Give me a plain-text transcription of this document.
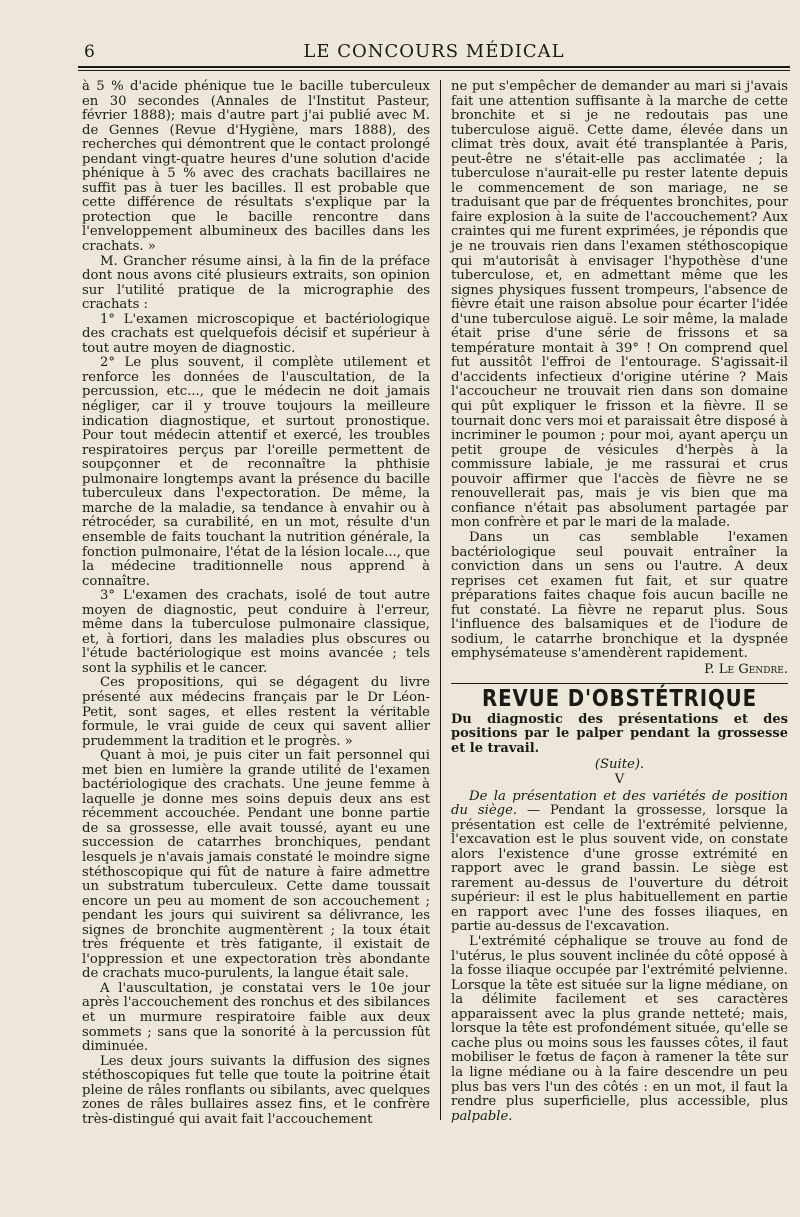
6	LE CONCOURS MÉDICAL

à 5 % d'acide phénique tue le bacille tuberculeux en 30 secondes (Annales de l'Institut Pasteur, février 1888); mais d'autre part j'ai publié avec M. de Gennes (Revue d'Hygiène, mars 1888), des recherches qui démontrent que le contact prolongé pendant vingt-quatre heures d'une solution d'acide phénique à 5 % avec des crachats bacillaires ne suffit pas à tuer les bacilles. Il est probable que cette différence de résultats s'explique par la protection que le bacille rencontre dans l'enveloppement albumineux des bacilles dans les crachats. »

M. Grancher résume ainsi, à la fin de la préface dont nous avons cité plusieurs extraits, son opinion sur l'utilité pratique de la micrographie des crachats :

1° L'examen microscopique et bactériologique des crachats est quelquefois décisif et supérieur à tout autre moyen de diagnostic.

2° Le plus souvent, il complète utilement et renforce les données de l'auscultation, de la percussion, etc..., que le médecin ne doit jamais négliger, car il y trouve toujours la meilleure indication diagnostique, et surtout pronostique. Pour tout médecin attentif et exercé, les troubles respiratoires perçus par l'oreille permettent de soupçonner et de reconnaître la phthisie pulmonaire longtemps avant la présence du bacille tuberculeux dans l'expectoration. De même, la marche de la maladie, sa tendance à envahir ou à rétrocéder, sa curabilité, en un mot, résulte d'un ensemble de faits touchant la nutrition générale, la fonction pulmonaire, l'état de la lésion locale..., que la médecine traditionnelle nous apprend à connaître.

3° L'examen des crachats, isolé de tout autre moyen de diagnostic, peut conduire à l'erreur, même dans la tuberculose pulmonaire classique, et, à fortiori, dans les maladies plus obscures ou l'étude bactériologique est moins avancée ; tels sont la syphilis et le cancer.

Ces propositions, qui se dégagent du livre présenté aux médecins français par le Dr Léon-Petit, sont sages, et elles restent la véritable formule, le vrai guide de ceux qui savent allier prudemment la tradition et le progrès. »

Quant à moi, je puis citer un fait personnel qui met bien en lumière la grande utilité de l'examen bactériologique des crachats. Une jeune femme à laquelle je donne mes soins depuis deux ans est récemment accouchée. Pendant une bonne partie de sa grossesse, elle avait toussé, ayant eu une succession de catarrhes bronchiques, pendant lesquels je n'avais jamais constaté le moindre signe stéthoscopique qui fût de nature à faire admettre un substratum tuberculeux. Cette dame toussait encore un peu au moment de son accouchement ; pendant les jours qui suivirent sa délivrance, les signes de bronchite augmentèrent ; la toux était très fréquente et très fatigante, il existait de l'oppression et une expectoration très abondante de crachats muco-purulents, la langue était sale.

A l'auscultation, je constatai vers le 10e jour après l'accouchement des ronchus et des sibilances et un murmure respiratoire faible aux deux sommets ; sans que la sonorité à la percussion fût diminuée.

Les deux jours suivants la diffusion des signes stéthoscopiques fut telle que toute la poitrine était pleine de râles ronflants ou sibilants, avec quelques zones de râles bullaires assez fins, et le confrère très-distingué qui avait fait l'accouchement

ne put s'empêcher de demander au mari si j'avais fait une attention suffisante à la marche de cette bronchite et si je ne redoutais pas une tuberculose aiguë. Cette dame, élevée dans un climat très doux, avait été transplantée à Paris, peut-être ne s'était-elle pas acclimatée ; la tuberculose n'aurait-elle pu rester latente depuis le commencement de son mariage, ne se traduisant que par de fréquentes bronchites, pour faire explosion à la suite de l'accouchement? Aux craintes qui me furent exprimées, je répondis que je ne trouvais rien dans l'examen stéthoscopique qui m'autorisât à envisager l'hypothèse d'une tuberculose, et, en admettant même que les signes physiques fussent trompeurs, l'absence de fièvre était une raison absolue pour écarter l'idée d'une tuberculose aiguë. Le soir même, la malade était prise d'une série de frissons et sa température montait à 39° ! On comprend quel fut aussitôt l'effroi de l'entourage. S'agissait-il d'accidents infectieux d'origine utérine ? Mais l'accoucheur ne trouvait rien dans son domaine qui pût expliquer le frisson et la fièvre. Il se tournait donc vers moi et paraissait être disposé à incriminer le poumon ; pour moi, ayant aperçu un petit groupe de vésicules d'herpès à la commissure labiale, je me rassurai et crus pouvoir affirmer que l'accès de fièvre ne se renouvellerait pas, mais je vis bien que ma confiance n'était pas absolument partagée par mon confrère et par le mari de la malade.

Dans un cas semblable l'examen bactériologique seul pouvait entraîner la conviction dans un sens ou l'autre. A deux reprises cet examen fut fait, et sur quatre préparations faites chaque fois aucun bacille ne fut constaté. La fièvre ne reparut plus. Sous l'influence des balsamiques et de l'iodure de sodium, le catarrhe bronchique et la dyspnée emphysémateuse s'amendèrent rapidement.

P. Le Gendre.
REVUE D'OBSTÉTRIQUE
Du diagnostic des présentations et des positions par le palper pendant la grossesse et le travail.
(Suite).
V

De la présentation et des variétés de position du siège. — Pendant la grossesse, lorsque la présentation est celle de l'extrémité pelvienne, l'excavation est le plus souvent vide, on constate alors l'existence d'une grosse extrémité en rapport avec le grand bassin. Le siège est rarement au-dessus de l'ouverture du détroit supérieur: il est le plus habituellement en partie en rapport avec l'une des fosses iliaques, en partie au-dessus de l'excavation.

L'extrémité céphalique se trouve au fond de l'utérus, le plus souvent inclinée du côté opposé à la fosse iliaque occupée par l'extrémité pelvienne. Lorsque la tête est située sur la ligne médiane, on la délimite facilement et ses caractères apparaissent avec la plus grande netteté; mais, lorsque la tête est profondément située, qu'elle se cache plus ou moins sous les fausses côtes, il faut mobiliser le fœtus de façon à ramener la tête sur la ligne médiane ou à la faire descendre un peu plus bas vers l'un des côtés : en un mot, il faut la rendre plus superficielle, plus accessible, plus palpable.
